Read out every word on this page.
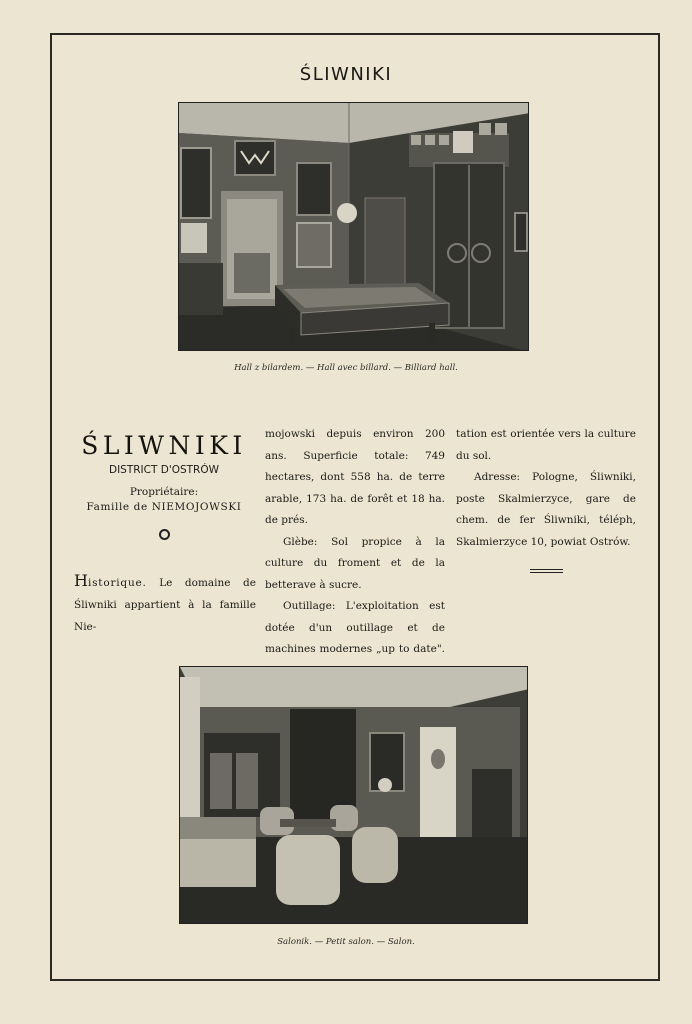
ŚLIWNIKI
Hall z bilardem. — Hall avec billard. — Billiard hall.
ŚLIWNIKI
DISTRICT D'OSTRÓW
Propriétaire:
Famille de NIEMOJOWSKI
Historique. Le domaine de Śliwniki appartient à la famille Nie-

mojowski depuis environ 200 ans. Superficie totale: 749 hectares, dont 558 ha. de terre arable, 173 ha. de forêt et 18 ha. de prés.

Glèbe: Sol propice à la culture du froment et de la betterave à sucre.

Outillage: L'exploitation est dotée d'un outillage et de machines modernes „up to date".

tation est orientée vers la culture du sol.

Adresse: Pologne, Śliwniki, poste Skalmierzyce, gare de chem. de fer Śliwniki, téléph, Skalmierzyce 10, powiat Ostrów.

Salonik. — Petit salon. — Salon.
